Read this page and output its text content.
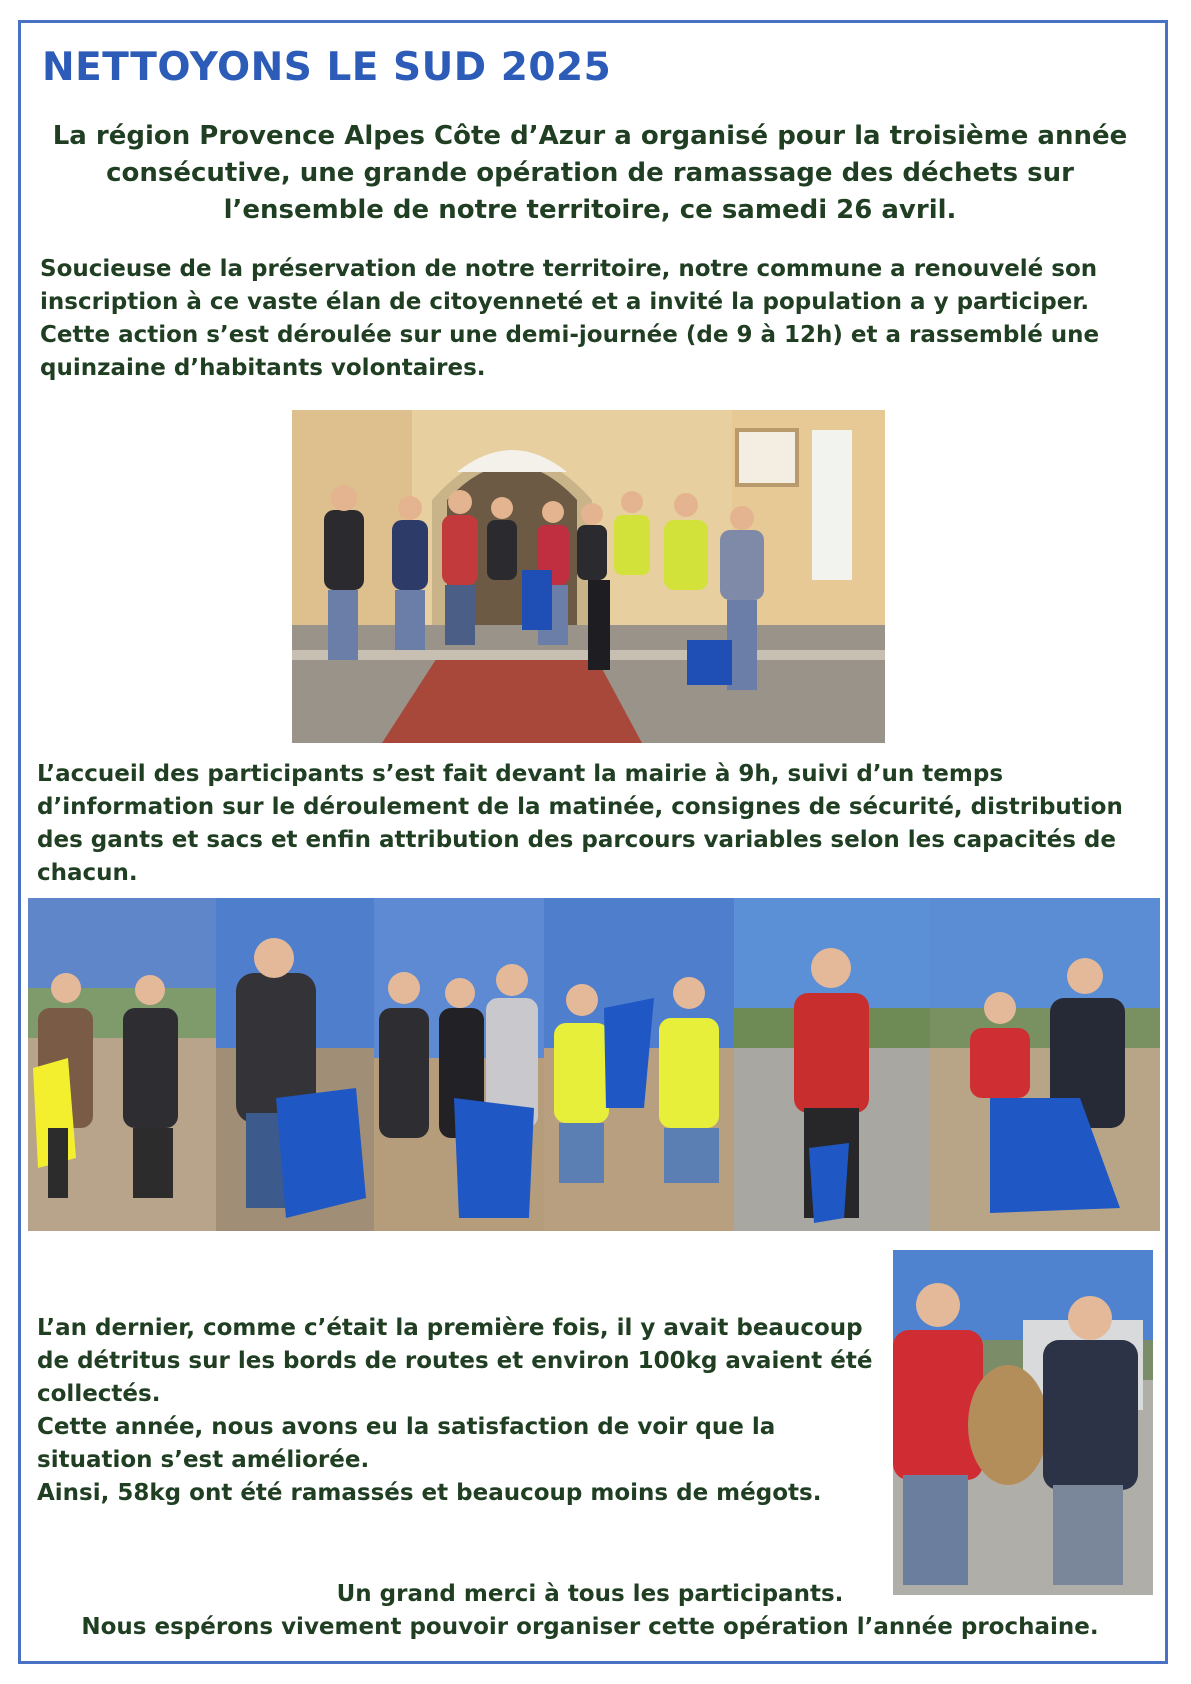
NETTOYONS LE SUD 2025

La région Provence Alpes Côte d’Azur a organisé pour la troisième année
consécutive, une grande opération de ramassage des déchets sur
l’ensemble de notre territoire, ce samedi 26 avril.

Soucieuse de la préservation de notre territoire, notre commune a renouvelé son
inscription à ce vaste élan de citoyenneté et a invité la population a y participer.
Cette action s’est déroulée sur une demi-journée (de 9 à 12h) et a rassemblé une
quinzaine d’habitants volontaires.

L’accueil des participants s’est fait devant la mairie à 9h, suivi d’un temps
d’information sur le déroulement de la matinée, consignes de sécurité, distribution
des gants et sacs et enfin attribution des parcours variables selon les capacités de
chacun.

L’an dernier, comme c’était la première fois, il y avait beaucoup
de détritus sur les bords de routes et environ 100kg avaient été
collectés.
Cette année, nous avons eu la satisfaction de voir que la
situation s’est améliorée.
Ainsi, 58kg ont été ramassés et beaucoup moins de mégots.

Un grand merci à tous les participants.
Nous espérons vivement pouvoir organiser cette opération l’année prochaine.
